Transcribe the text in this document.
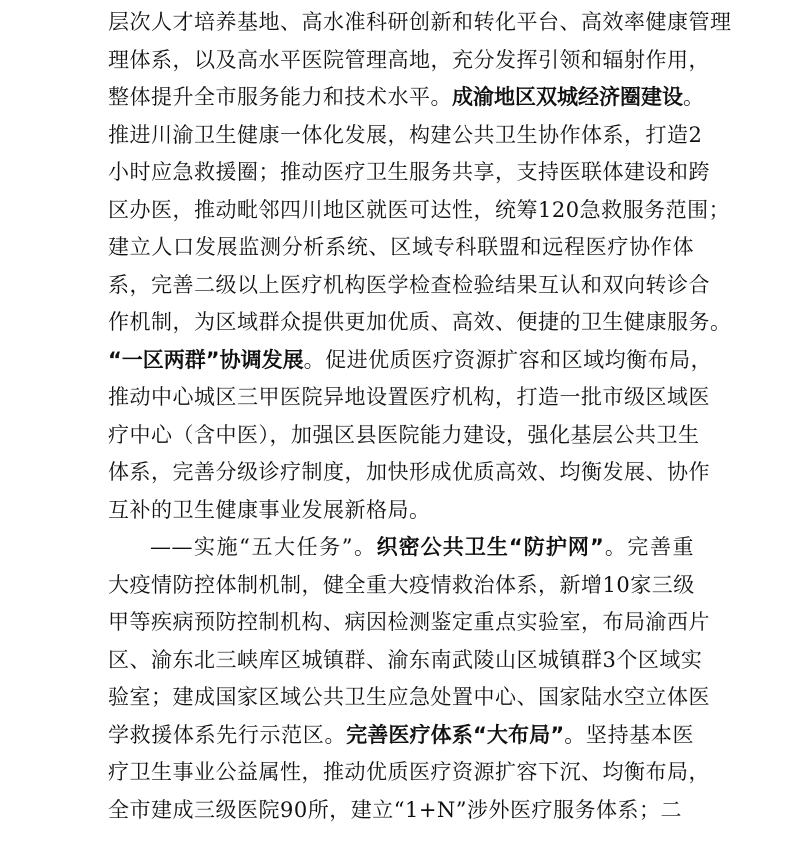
层次人才培养基地、高水准科研创新和转化平台、高效率健康管理
理体系，以及高水平医院管理高地，充分发挥引领和辐射作用，
整体提升全市服务能力和技术水平。成渝地区双城经济圈建设。
推进川渝卫生健康一体化发展，构建公共卫生协作体系，打造2
小时应急救援圈；推动医疗卫生服务共享，支持医联体建设和跨
区办医，推动毗邻四川地区就医可达性，统筹120急救服务范围；
建立人口发展监测分析系统、区域专科联盟和远程医疗协作体
系，完善二级以上医疗机构医学检查检验结果互认和双向转诊合
作机制，为区域群众提供更加优质、高效、便捷的卫生健康服务。
“一区两群”协调发展。促进优质医疗资源扩容和区域均衡布局，
推动中心城区三甲医院异地设置医疗机构，打造一批市级区域医
疗中心（含中医），加强区县医院能力建设，强化基层公共卫生
体系，完善分级诊疗制度，加快形成优质高效、均衡发展、协作
互补的卫生健康事业发展新格局。
——实施“五大任务”。织密公共卫生“防护网”。完善重
大疫情防控体制机制，健全重大疫情救治体系，新增10家三级
甲等疾病预防控制机构、病因检测鉴定重点实验室，布局渝西片
区、渝东北三峡库区城镇群、渝东南武陵山区城镇群3个区域实
验室；建成国家区域公共卫生应急处置中心、国家陆水空立体医
学救援体系先行示范区。完善医疗体系“大布局”。坚持基本医
疗卫生事业公益属性，推动优质医疗资源扩容下沉、均衡布局，
全市建成三级医院90所，建立“1+N”涉外医疗服务体系；二
